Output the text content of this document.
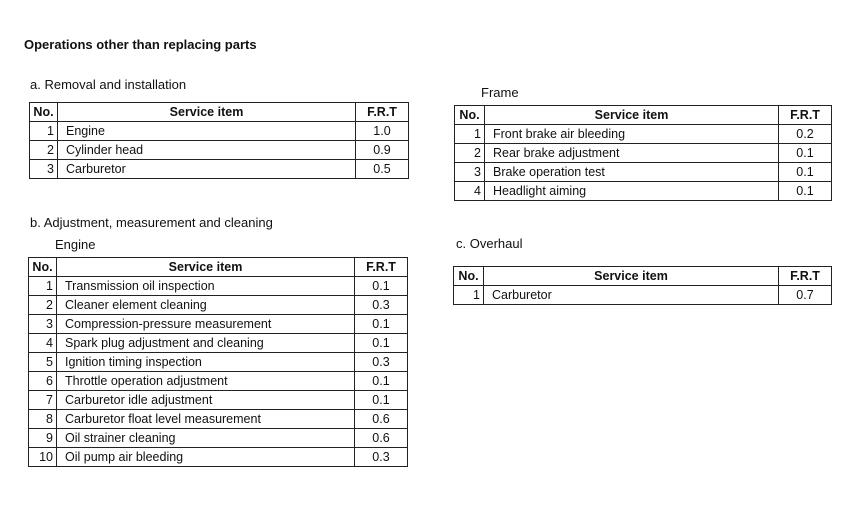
Operations other than replacing parts
a. Removal and installation
No.	Service item	F.R.T
1	Engine	1.0
2	Cylinder head	0.9
3	Carburetor	0.5
Frame
No.	Service item	F.R.T
1	Front brake air bleeding	0.2
2	Rear brake adjustment	0.1
3	Brake operation test	0.1
4	Headlight aiming	0.1
b. Adjustment, measurement and cleaning
Engine
No.	Service item	F.R.T
1	Transmission oil inspection	0.1
2	Cleaner element cleaning	0.3
3	Compression-pressure measurement	0.1
4	Spark plug adjustment and cleaning	0.1
5	Ignition timing inspection	0.3
6	Throttle operation adjustment	0.1
7	Carburetor idle adjustment	0.1
8	Carburetor float level measurement	0.6
9	Oil strainer cleaning	0.6
10	Oil pump air bleeding	0.3
c. Overhaul
No.	Service item	F.R.T
1	Carburetor	0.7
